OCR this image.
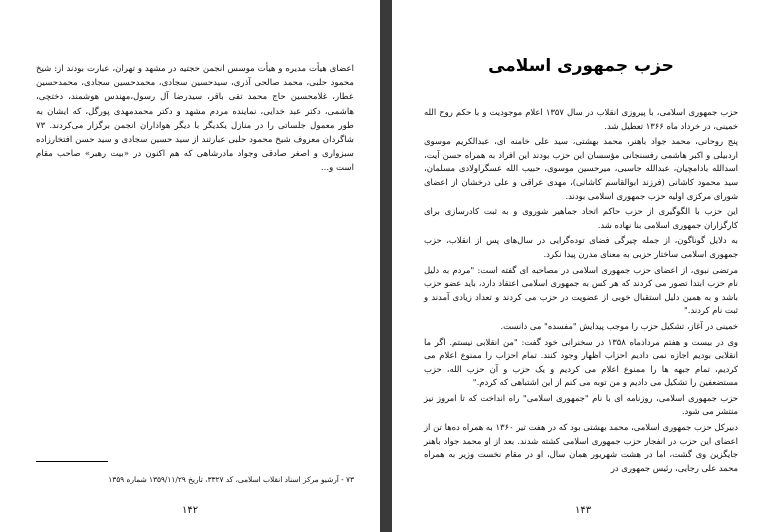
اعضای هیأت مدیره و هیأت موسس انجمن حجتیه در مشهد و تهران، عبارت بودند از: شیخ محمود حلبی، محمد صالحی آذری، سیدحسین سجادی، محمدحسین سجادی، محمدحسین عطار، غلامحسین حاج محمد تقی باقر، سیدرضا آل رسول،مهندس هوشمند، دختچی، هاشمی، دکتر عبد خدایی، نماینده مردم مشهد و دکتر محمدمهدی پورگل، که ایشان به طور معمول جلساتی را در منازل یکدیگر با دیگر هواداران انجمن برگزار می‌کردند. ۷۳ شاگردان معروف شیخ محمود حلبی عبارتند از سید حسین سجادی و سید حسن افتخارزاده سبزواری و اصغر صادقی وجواد مادرشاهی که هم اکنون در «بیت رهبر» صاحب مقام است و...

۷۳ - آرشیو مرکز اسناد انقلاب اسلامی، کد ۳۳۲۷، تاریخ ۱۳۵۹/۱۱/۲۹ شماره ۱۳۵۹
۱۴۲
حزب جمهوری اسلامی

حزب جمهوری اسلامی، با پیروزی انقلاب در سال ۱۳۵۷ اعلام موجودیت و با حکم روح الله خمینی، در خرداد ماه ۱۳۶۶ تعطیل شد.

پنج روحانی، محمد جواد باهنر، محمد بهشتی، سید علی خامنه ای، عبدالکریم موسوی اردبیلی و اکبر هاشمی رفسنجانی مؤسسان این حزب بودند این افراد به همراه حسن آیت، اسدالله بادامچیان، عبدالله جاسبی، میرحسین موسوی، حبیب الله عسگراولادی مسلمان، سید محمود کاشانی (فرزند ابوالقاسم کاشانی)، مهدی عراقی و علی درخشان از اعضای شورای مرکزی اولیه حزب جمهوری اسلامی بودند.

این حزب با الگوگیری از حزب حاکم اتحاد جماهیر شوروی و به ثبت کادرسازی برای کارگزاران جمهوری اسلامی بنا نهاده شد.

به دلایل گوناگون، از جمله چیرگی فضای توده‌گرایی در سال‌های پس از انقلاب، حزب جمهوری اسلامی ساختار حزبی به معنای مدرن پیدا نکرد.

مرتضی نبوی، از اعضای حزب جمهوری اسلامی در مصاحبه ای گفته است: "مردم به دلیل نام حزب ابتدا تصور می کردند که هر کس به جمهوری اسلامی اعتقاد دارد، باید عضو حزب باشد و به همین دلیل استقبال خوبی از عضویت در حزب می کردند و تعداد زیادی آمدند و ثبت نام کردند."

خمینی در آغاز، تشکیل حزب را موجب پیدایش "مفسده" می دانست.

وی در بیست و هفتم مردادماه ۱۳۵۸ در سخنرانی خود گفت: "من انقلابی نیستم. اگر ما انقلابی بودیم اجازه نمی دادیم احزاب اظهار وجود کنند. تمام احزاب را ممنوع اعلام می کردیم، تمام جبهه ها را ممنوع اعلام می کردیم و یک حزب و آن حزب الله، حزب مستضعفین را تشکیل می دادیم و من توبه می کنم از این اشتباهی که کردم."

حزب جمهوری اسلامی، روزنامه ای با نام "جمهوری اسلامی" راه انداخت که تا امروز نیز منتشر می شود.

دبیرکل حزب جمهوری اسلامی، محمد بهشتی بود که در هفت تیر ۱۳۶۰ به همراه ده‌ها تن از اعضای این حزب در انفجار حزب جمهوری اسلامی کشته شدند. بعد از او محمد جواد باهنر جایگزین وی گشت، اما در هشت شهریور همان سال، او در مقام نخست وزیر به همراه محمد علی رجایی، رئیس جمهوری در

۱۴۳
